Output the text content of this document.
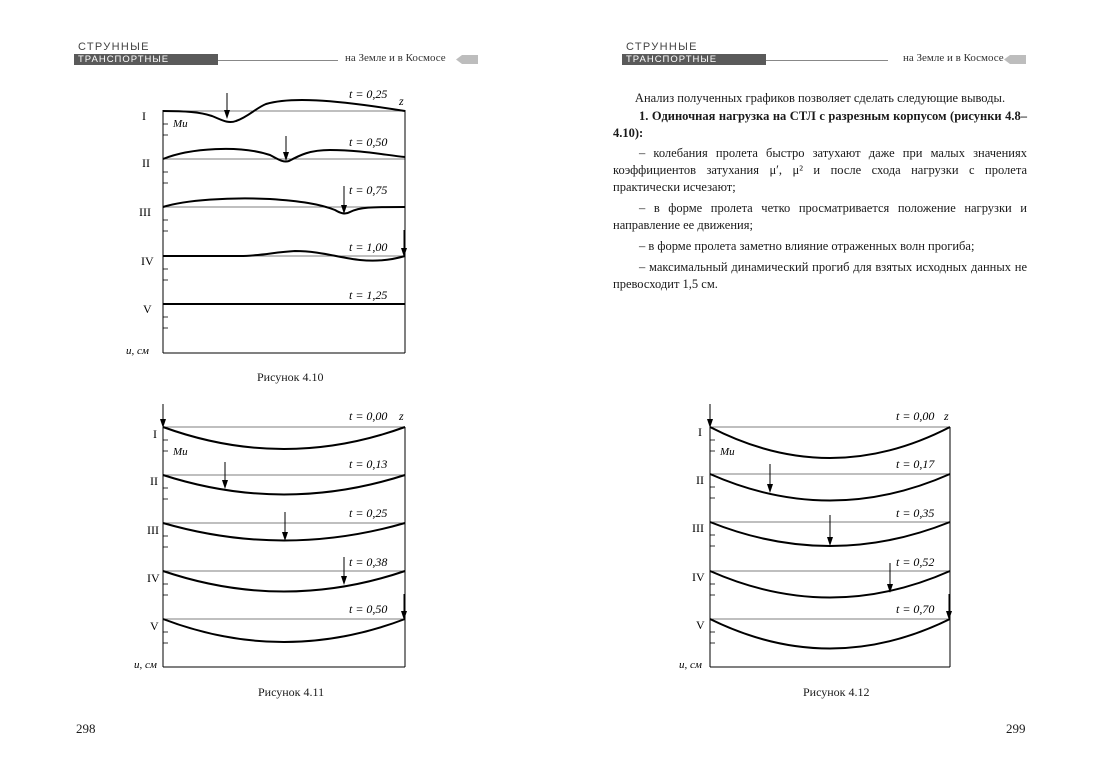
СТРУННЫЕ
ТРАНСПОРТНЫЕ СИСТЕМЫ >>
на Земле и в Космосе
I
II
III
IV
V
t = 0,25
t = 0,50
t = 0,75
t = 1,00
t = 1,25
z
Mu
u, см
Рисунок 4.10
I
II
III
IV
V
t = 0,00
t = 0,13
t = 0,25
t = 0,38
t = 0,50
z
Mu
u, см
Рисунок 4.11
298
СТРУННЫЕ
ТРАНСПОРТНЫЕ СИСТЕМЫ >>
на Земле и в Космосе

Анализ полученных графиков позволяет сделать следующие выводы.

1. Одиночная нагрузка на СТЛ с разрезным корпусом (рисунки 4.8–4.10):

– колебания пролета быстро затухают даже при малых значениях коэффициентов затухания μ′, μ² и после схода нагрузки с пролета практически исчезают;

– в форме пролета четко просматривается положение нагрузки и направление ее движения;

– в форме пролета заметно влияние отраженных волн прогиба;

– максимальный динамический прогиб для взятых исходных данных не превосходит 1,5 см.

I
II
III
IV
V
t = 0,00
t = 0,17
t = 0,35
t = 0,52
t = 0,70
z
Mu
u, см
Рисунок 4.12
299
